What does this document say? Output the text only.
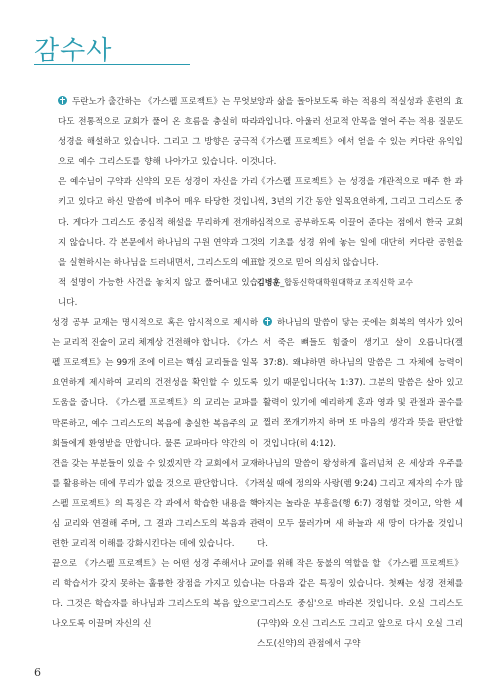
감수사

두란노가 출간하는 《가스펠 프로젝트》는 무엇보다도 전통적으로 교회가 풀어 온 흐름을 충실히 따라 성경을 해설하고 있습니다. 그리고 그 방향은 궁극적으로 예수 그리스도를 향해 나아가고 있습니다. 이것은 예수님이 구약과 신약의 모든 성경이 자신을 가리키고 있다고 하신 말씀에 비추어 매우 타당한 것입니다. 게다가 그리스도 중심적 해설을 무리하게 전개하지 않습니다. 각 본문에서 하나님의 구원 연약과 그것을 실현하시는 하나님을 드러내면서, 그리스도의 예표적 설명이 가능한 사건을 놓치지 않고 풀어내고 있습니다.

성경 공부 교재는 명시적으로 혹은 암시적으로 제시하는 교리적 진술이 교리 체계상 건전해야 합니다. 《가스펠 프로젝트》는 99개 조에 이르는 핵심 교리들을 일목요연하게 제시하여 교리의 건전성을 확인할 수 있도록 도움을 줍니다. 《가스펠 프로젝트》의 교리는 교파를 막론하고, 예수 그리스도의 복음에 충실한 복음주의 교회들에게 환영받을 만합니다. 물론 교파마다 약간의 이견을 갖는 부분들이 있을 수 있겠지만 각 교회에서 교재를 활용하는 데에 무리가 없을 것으로 판단합니다. 《가스펠 프로젝트》의 특징은 각 과에서 학습한 내용을 핵심 교리와 연결해 주며, 그 결과 그리스도의 복음과 관련한 교리적 이해를 강화시킨다는 데에 있습니다.

끝으로 《가스펠 프로젝트》는 어떤 성경 주해서나 교리 학습서가 갖지 못하는 훌륭한 장점을 가지고 있습니다. 그것은 학습자를 하나님과 그리스도의 복음 앞으로 나오도록 이끌며 자신의 신

앙과 삶을 돌아보도록 하는 적용의 적실성과 훈련의 효과입니다. 아울러 선교적 안목을 열어 주는 적용 질문도 《가스펠 프로젝트》에서 얻을 수 있는 커다란 유익입니다.

《가스펠 프로젝트》는 성경을 개관적으로 매주 한 과씩, 3년의 기간 동안 일목요연하게, 그리고 그리스도 중심적으로 공부하도록 이끌어 준다는 점에서 한국 교회의 기초를 성경 위에 놓는 일에 대단히 커다란 공헌을 할 것으로 믿어 의심치 않습니다.

김병훈_합동신학대학원대학교 조직신학 교수

하나님의 말씀이 닿는 곳에는 회복의 역사가 있어서 죽은 뼈들도 힘줄이 생기고 살이 오릅니다(겔 37:8). 왜냐하면 하나님의 말씀은 그 자체에 능력이 있기 때문입니다(눅 1:37). 그분의 말씀은 살아 있고 활력이 있기에 예리하게 혼과 영과 및 관절과 골수를 찔러 쪼개기까지 하며 또 마음의 생각과 뜻을 판단할 것입니다(히 4:12).

하나님의 말씀이 왕성하게 흘러넘쳐 온 세상과 우주를 적실 때에 정의와 사랑(렘 9:24) 그리고 제자의 수가 많아지는 놀라운 부흥을(행 6:7) 경험할 것이고, 악한 세력이 모두 물러가며 새 하늘과 새 땅이 다가올 것입니다.

이를 위해 작은 둥불의 역할을 할 《가스펠 프로젝트》는 다음과 같은 특징이 있습니다. 첫째는 성경 전체를 '그리스도 중심'으로 바라본 것입니다. 오실 그리스도(구약)와 오신 그리스도 그리고 앞으로 다시 오실 그리스도(신약)의 관점에서 구약

6
